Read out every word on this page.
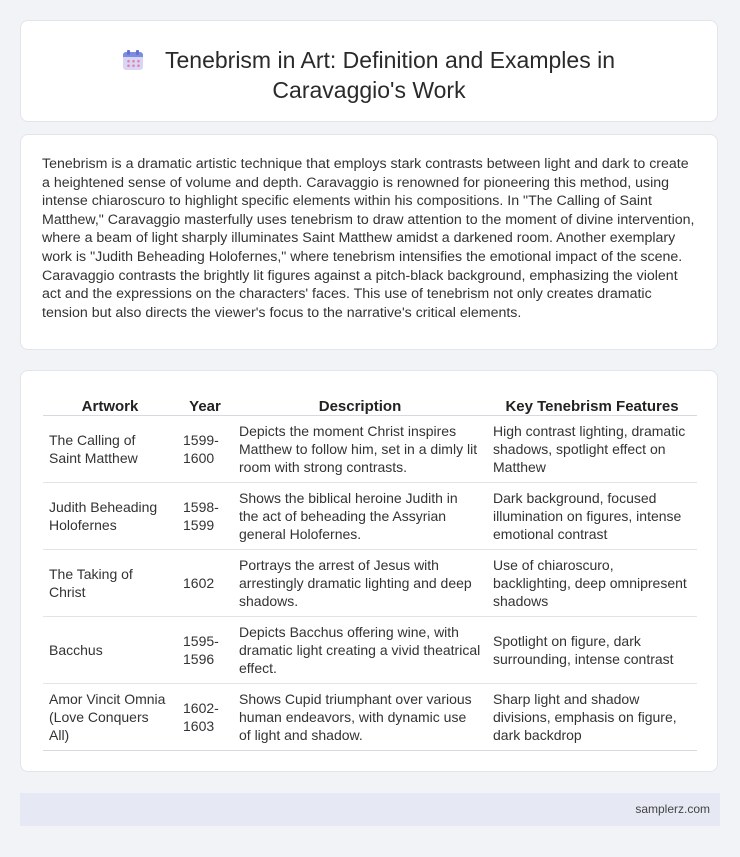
Tenebrism in Art: Definition and Examples in
Caravaggio's Work

Tenebrism is a dramatic artistic technique that employs stark contrasts between light and dark to create a heightened sense of volume and depth. Caravaggio is renowned for pioneering this method, using intense chiaroscuro to highlight specific elements within his compositions. In "The Calling of Saint Matthew," Caravaggio masterfully uses tenebrism to draw attention to the moment of divine intervention, where a beam of light sharply illuminates Saint Matthew amidst a darkened room. Another exemplary work is "Judith Beheading Holofernes," where tenebrism intensifies the emotional impact of the scene. Caravaggio contrasts the brightly lit figures against a pitch-black background, emphasizing the violent act and the expressions on the characters' faces. This use of tenebrism not only creates dramatic tension but also directs the viewer's focus to the narrative's critical elements.

Artwork	Year	Description	Key Tenebrism Features
The Calling of Saint Matthew	1599-1600	Depicts the moment Christ inspires Matthew to follow him, set in a dimly lit room with strong contrasts.	High contrast lighting, dramatic shadows, spotlight effect on Matthew
Judith Beheading Holofernes	1598-1599	Shows the biblical heroine Judith in the act of beheading the Assyrian general Holofernes.	Dark background, focused illumination on figures, intense emotional contrast
The Taking of Christ	1602	Portrays the arrest of Jesus with arrestingly dramatic lighting and deep shadows.	Use of chiaroscuro, backlighting, deep omnipresent shadows
Bacchus	1595-1596	Depicts Bacchus offering wine, with dramatic light creating a vivid theatrical effect.	Spotlight on figure, dark surrounding, intense contrast
Amor Vincit Omnia (Love Conquers All)	1602-1603	Shows Cupid triumphant over various human endeavors, with dynamic use of light and shadow.	Sharp light and shadow divisions, emphasis on figure, dark backdrop
samplerz.com
